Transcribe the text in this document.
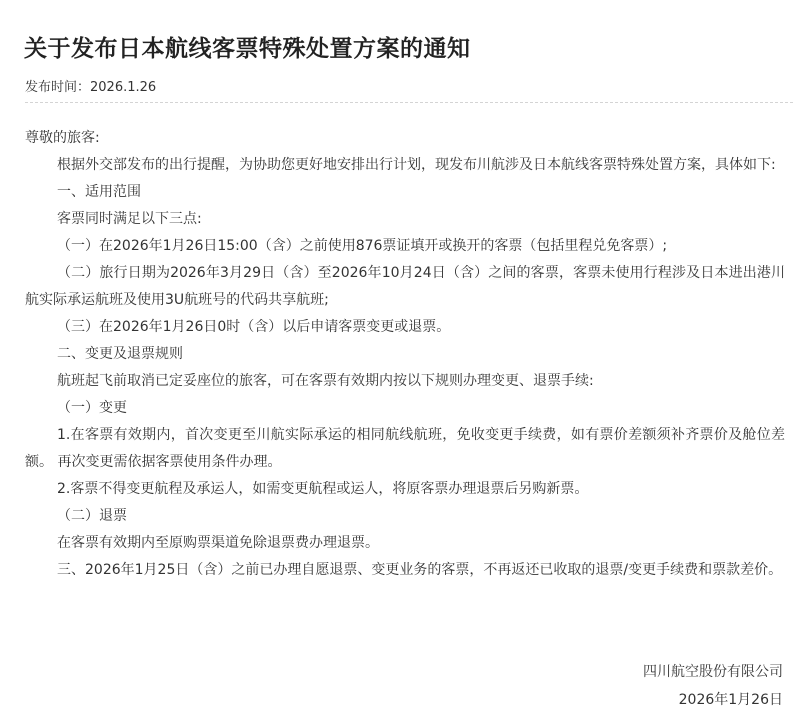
关于发布日本航线客票特殊处置方案的通知
发布时间：2026.1.26

尊敬的旅客:

根据外交部发布的出行提醒，为协助您更好地安排出行计划，现发布川航涉及日本航线客票特殊处置方案，具体如下:

一、适用范围

客票同时满足以下三点:

（一）在2026年1月26日15:00（含）之前使用876票证填开或换开的客票（包括里程兑免客票）;

（二）旅行日期为2026年3月29日（含）至2026年10月24日（含）之间的客票，客票未使用行程涉及日本进出港川航实际承运航班及使用3U航班号的代码共享航班;

（三）在2026年1月26日0时（含）以后申请客票变更或退票。

二、变更及退票规则

航班起飞前取消已定妥座位的旅客，可在客票有效期内按以下规则办理变更、退票手续:

（一）变更

1.在客票有效期内，首次变更至川航实际承运的相同航线航班，免收变更手续费，如有票价差额须补齐票价及舱位差额。 再次变更需依据客票使用条件办理。

2.客票不得变更航程及承运人，如需变更航程或运人，将原客票办理退票后另购新票。

（二）退票

在客票有效期内至原购票渠道免除退票费办理退票。

三、2026年1月25日（含）之前已办理自愿退票、变更业务的客票，不再返还已收取的退票/变更手续费和票款差价。

四川航空股份有限公司
2026年1月26日
